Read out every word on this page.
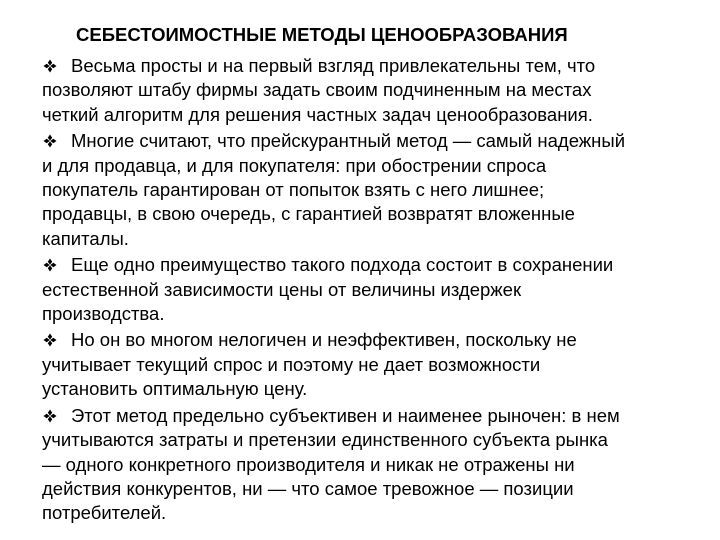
СЕБЕСТОИМОСТНЫЕ МЕТОДЫ ЦЕНООБРАЗОВАНИЯ
Весьма просты и на первый взгляд привлекательны тем, что
позволяют штабу фирмы задать своим подчиненным на местах
четкий алгоритм для решения частных задач ценообразования.
Многие считают, что прейскурантный метод — самый надежный
и для продавца, и для покупателя: при обострении спроса
покупатель гарантирован от попыток взять с него лишнее;
продавцы, в свою очередь, с гарантией возвратят вложенные
капиталы.
Еще одно преимущество такого подхода состоит в сохранении
естественной зависимости цены от величины издержек
производства.
Но он во многом нелогичен и неэффективен, поскольку не
учитывает текущий спрос и поэтому не дает возможности
установить оптимальную цену.
Этот метод предельно субъективен и наименее рыночен: в нем
учитываются затраты и претензии единственного субъекта рынка
— одного конкретного производителя и никак не отражены ни
действия конкурентов, ни — что самое тревожное — позиции
потребителей.
